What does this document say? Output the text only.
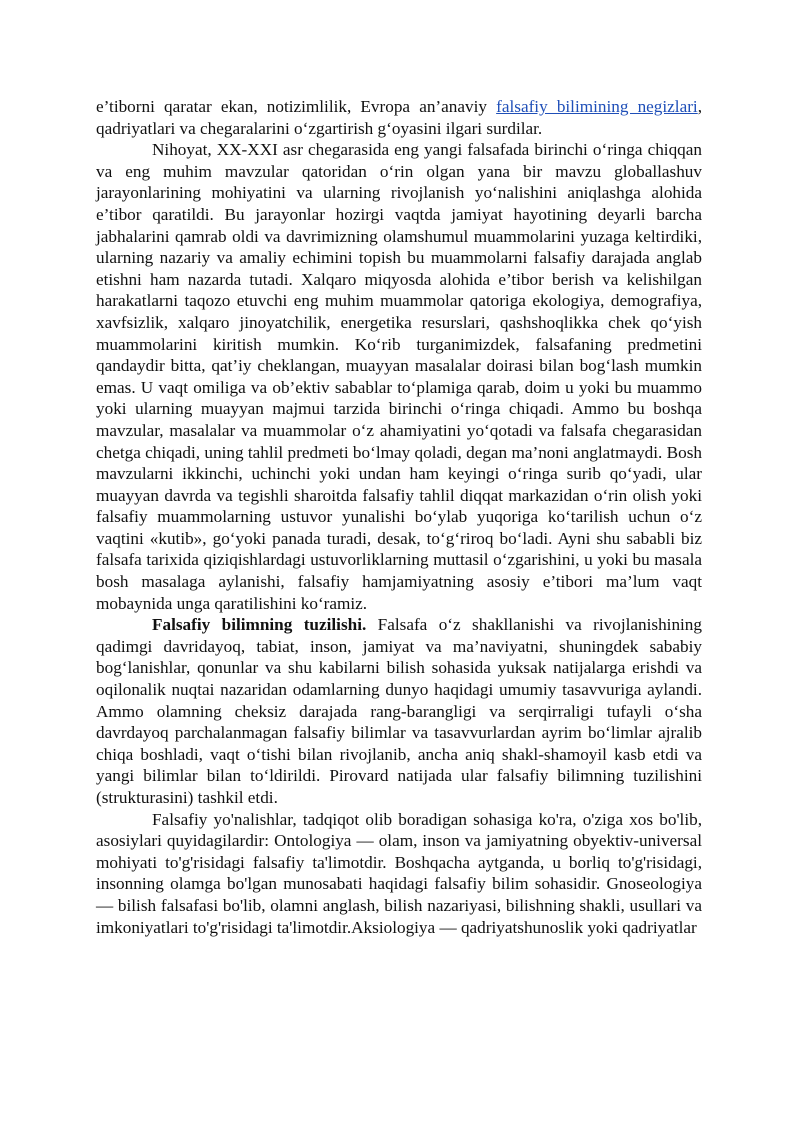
e’tiborni qaratar ekan, notizimlilik, Evropa an’anaviy falsafiy bilimining negizlari, qadriyatlari va chegaralarini o‘zgartirish g‘oyasini ilgari surdilar.

Nihoyat, XX-XXI asr chegarasida eng yangi falsafada birinchi o‘ringa chiqqan va eng muhim mavzular qatoridan o‘rin olgan yana bir mavzu globallashuv jarayonlarining mohiyatini va ularning rivojlanish yo‘nalishini aniqlashga alohida e’tibor qaratildi. Bu jarayonlar hozirgi vaqtda jamiyat hayotining deyarli barcha jabhalarini qamrab oldi va davrimizning olamshumul muammolarini yuzaga keltirdiki, ularning nazariy va amaliy echimini topish bu muammolarni falsafiy darajada anglab etishni ham nazarda tutadi. Xalqaro miqyosda alohida e’tibor berish va kelishilgan harakatlarni taqozo etuvchi eng muhim muammolar qatoriga ekologiya, demografiya, xavfsizlik, xalqaro jinoyatchilik, energetika resurslari, qashshoqlikka chek qo‘yish muammolarini kiritish mumkin. Ko‘rib turganimizdek, falsafaning predmetini qandaydir bitta, qat’iy cheklangan, muayyan masalalar doirasi bilan bog‘lash mumkin emas. U vaqt omiliga va ob’ektiv sabablar to‘plamiga qarab, doim u yoki bu muammo yoki ularning muayyan majmui tarzida birinchi o‘ringa chiqadi. Ammo bu boshqa mavzular, masalalar va muammolar o‘z ahamiyatini yo‘qotadi va falsafa chegarasidan chetga chiqadi, uning tahlil predmeti bo‘lmay qoladi, degan ma’noni anglatmaydi. Bosh mavzularni ikkinchi, uchinchi yoki undan ham keyingi o‘ringa surib qo‘yadi, ular muayyan davrda va tegishli sharoitda falsafiy tahlil diqqat markazidan o‘rin olish yoki falsafiy muammolarning ustuvor yunalishi bo‘ylab yuqoriga ko‘tarilish uchun o‘z vaqtini «kutib», go‘yoki panada turadi, desak, to‘g‘riroq bo‘ladi. Ayni shu sababli biz falsafa tarixida qiziqishlardagi ustuvorliklarning muttasil o‘zgarishini, u yoki bu masala bosh masalaga aylanishi, falsafiy hamjamiyatning asosiy e’tibori ma’lum vaqt mobaynida unga qaratilishini ko‘ramiz.

Falsafiy bilimning tuzilishi. Falsafa o‘z shakllanishi va rivojlanishining qadimgi davridayoq, tabiat, inson, jamiyat va ma’naviyatni, shuningdek sababiy bog‘lanishlar, qonunlar va shu kabilarni bilish sohasida yuksak natijalarga erishdi va oqilonalik nuqtai nazaridan odamlarning dunyo haqidagi umumiy tasavvuriga aylandi. Ammo olamning cheksiz darajada rang-barangligi va serqirraligi tufayli o‘sha davrdayoq parchalanmagan falsafiy bilimlar va tasavvurlardan ayrim bo‘limlar ajralib chiqa boshladi, vaqt o‘tishi bilan rivojlanib, ancha aniq shakl-shamoyil kasb etdi va yangi bilimlar bilan to‘ldirildi. Pirovard natijada ular falsafiy bilimning tuzilishini (strukturasini) tashkil etdi.

Falsafiy yo'nalishlar, tadqiqot olib boradigan sohasiga ko'ra, o'ziga xos bo'lib, asosiylari quyidagilardir: Ontologiya — olam, inson va jamiyatning obyektiv-universal mohiyati to'g'risidagi falsafiy ta'limotdir. Boshqacha aytganda, u borliq to'g'risidagi, insonning olamga bo'lgan munosabati haqidagi falsafiy bilim sohasidir. Gnoseologiya — bilish falsafasi bo'lib, olamni anglash, bilish nazariyasi, bilishning shakli, usullari va imkoniyatlari to'g'risidagi ta'limotdir.Aksiologiya — qadriyatshunoslik yoki qadriyatlar
